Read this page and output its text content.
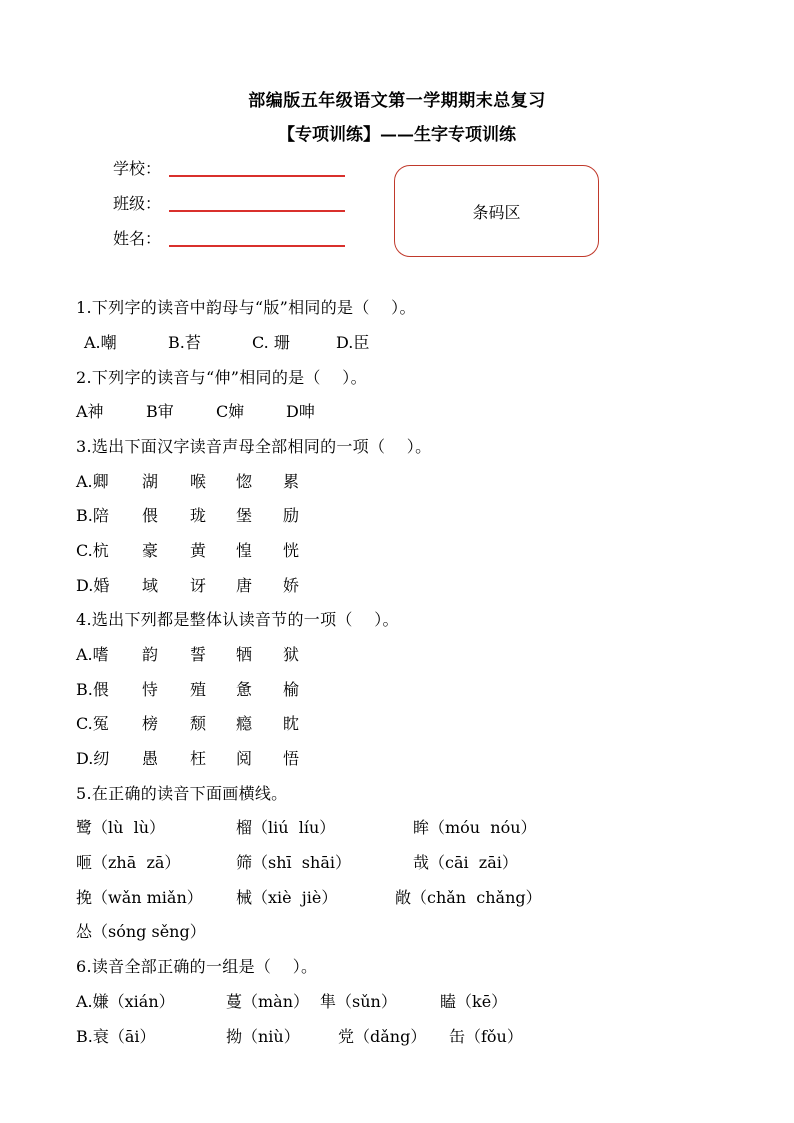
部编版五年级语文第一学期期末总复习
【专项训练】——生字专项训练
学校：
班级：
姓名：
条码区
1.下列字的读音中韵母与“版”相同的是（    ）。
A.嘲	B.苔	C. 珊	D.臣
2.下列字的读音与“伸”相同的是（    ）。
A神	B审	C婶	D呻
3.选出下面汉字读音声母全部相同的一项（    ）。
A.卿 湖 喉 惚 累
B.陪 偎 珑 堡 励
C.杭 豪 黄 惶 恍
D.婚 域 讶 唐 娇
4.选出下列都是整体认读音节的一项（    ）。
A.嗜 韵 誓 牺 狱
B.偎 恃 殖 惫 榆
C.冤 榜 颓 瘾 眈
D.纫 愚 枉 阅 悟
5.在正确的读音下面画横线。
鹭（lù  lù）	榴（liú  líu）	眸（móu  nóu）
咂（zhā  zā）	筛（shī  shāi）	哉（cāi  zāi）
挽（wǎn miǎn） 械（xiè  jiè）	敞（chǎn  chǎng）
怂（sóng sěng）
6.读音全部正确的一组是（    ）。
A.嫌（xián）	蔓（màn） 隼（sǔn）	瞌（kē）
B.衰（āi）	拗（niù） 党（dǎng） 缶（fǒu）
